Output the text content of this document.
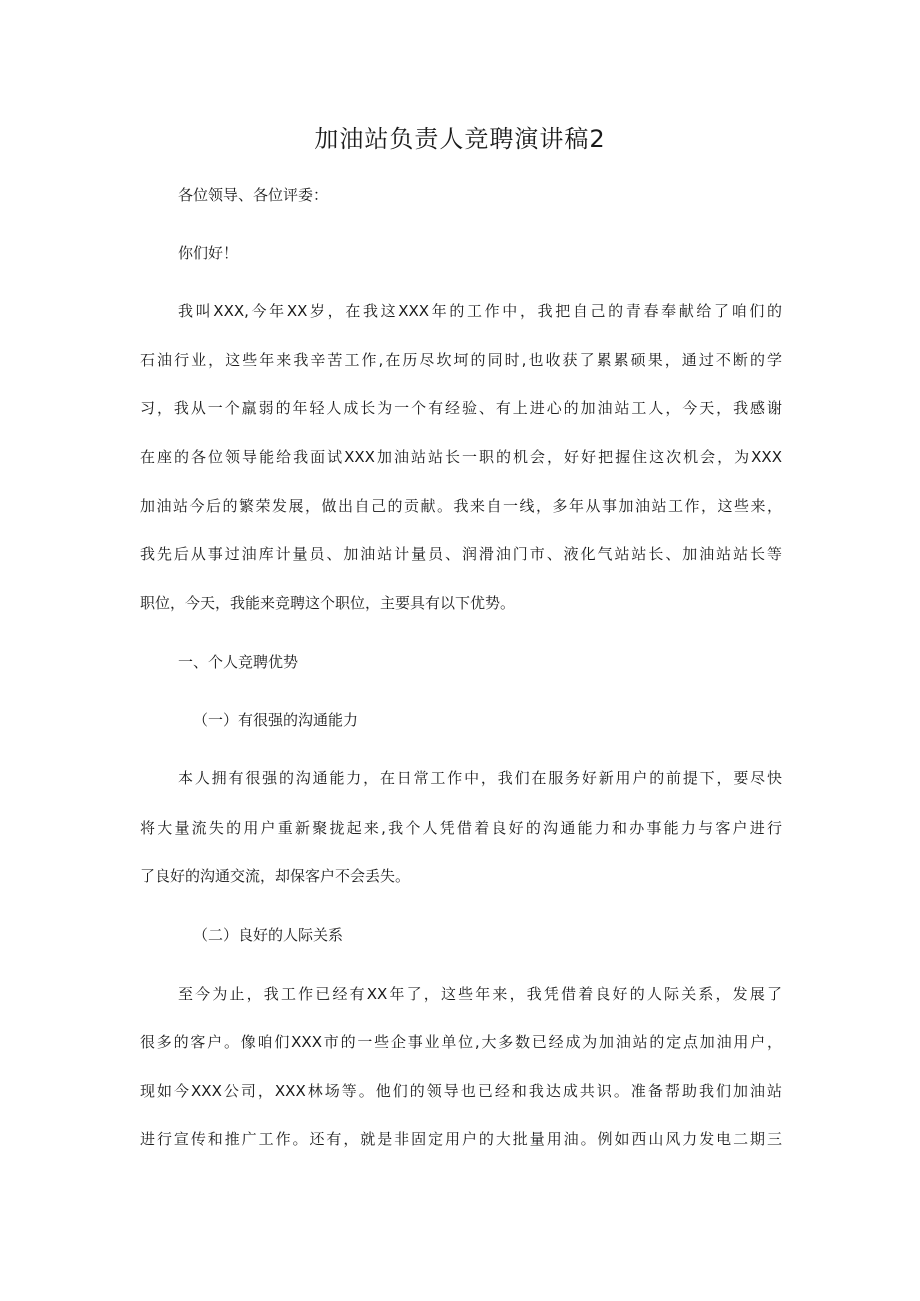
加油站负责人竞聘演讲稿2
各位领导、各位评委：
你们好！
我叫XXX,今年XX岁，在我这XXX年的工作中，我把自己的青春奉献给了咱们的
石油行业，这些年来我辛苦工作,在历尽坎坷的同时,也收获了累累硕果，通过不断的学
习，我从一个羸弱的年轻人成长为一个有经验、有上进心的加油站工人，今天，我感谢
在座的各位领导能给我面试XXX加油站站长一职的机会，好好把握住这次机会，为XXX
加油站今后的繁荣发展，做出自己的贡献。我来自一线，多年从事加油站工作，这些来，
我先后从事过油库计量员、加油站计量员、润滑油门市、液化气站站长、加油站站长等
职位，今天，我能来竞聘这个职位，主要具有以下优势。
一、个人竞聘优势
（一）有很强的沟通能力
本人拥有很强的沟通能力，在日常工作中，我们在服务好新用户的前提下，要尽快
将大量流失的用户重新聚拢起来,我个人凭借着良好的沟通能力和办事能力与客户进行
了良好的沟通交流，却保客户不会丢失。
（二）良好的人际关系
至今为止，我工作已经有XX年了，这些年来，我凭借着良好的人际关系，发展了
很多的客户。像咱们XXX市的一些企事业单位,大多数已经成为加油站的定点加油用户，
现如今XXX公司，XXX林场等。他们的领导也已经和我达成共识。准备帮助我们加油站
进行宣传和推广工作。还有，就是非固定用户的大批量用油。例如西山风力发电二期三
